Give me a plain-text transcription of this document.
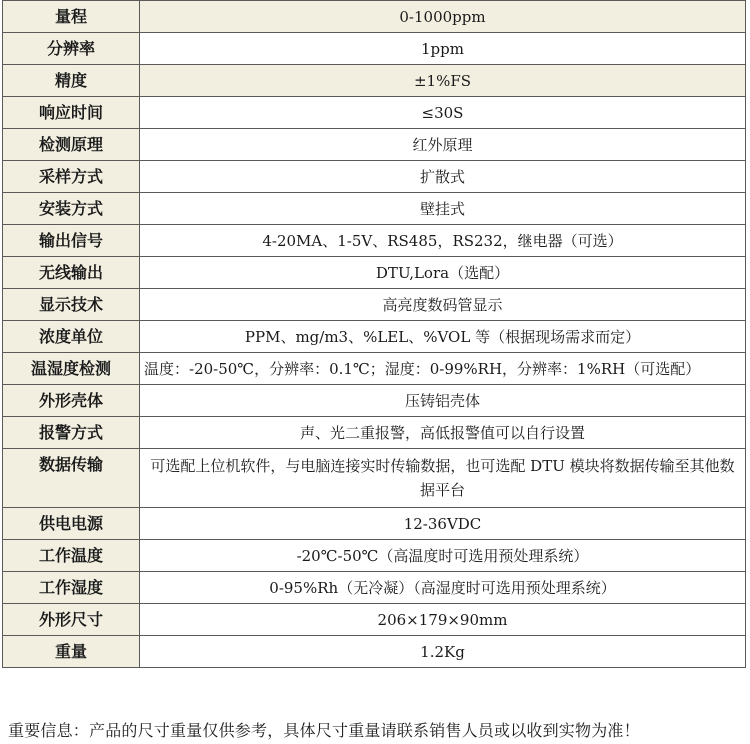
量程	0-1000ppm
分辨率	1ppm
精度	±1%FS
响应时间	≤30S
检测原理	红外原理
采样方式	扩散式
安装方式	壁挂式
输出信号	4-20MA、1-5V、RS485，RS232，继电器（可选）
无线输出	DTU,Lora（选配）
显示技术	高亮度数码管显示
浓度单位	PPM、mg/m3、%LEL、%VOL 等（根据现场需求而定）
温湿度检测	温度：-20-50℃，分辨率：0.1℃；湿度：0-99%RH，分辨率：1%RH（可选配）
外形壳体	压铸铝壳体
报警方式	声、光二重报警，高低报警值可以自行设置
数据传输	可选配上位机软件，与电脑连接实时传输数据，也可选配 DTU 模块将数据传输至其他数据平台
供电电源	12-36VDC
工作温度	-20℃-50℃（高温度时可选用预处理系统）
工作湿度	0-95%Rh（无冷凝）（高湿度时可选用预处理系统）
外形尺寸	206×179×90mm
重量	1.2Kg
重要信息：产品的尺寸重量仅供参考，具体尺寸重量请联系销售人员或以收到实物为准！
